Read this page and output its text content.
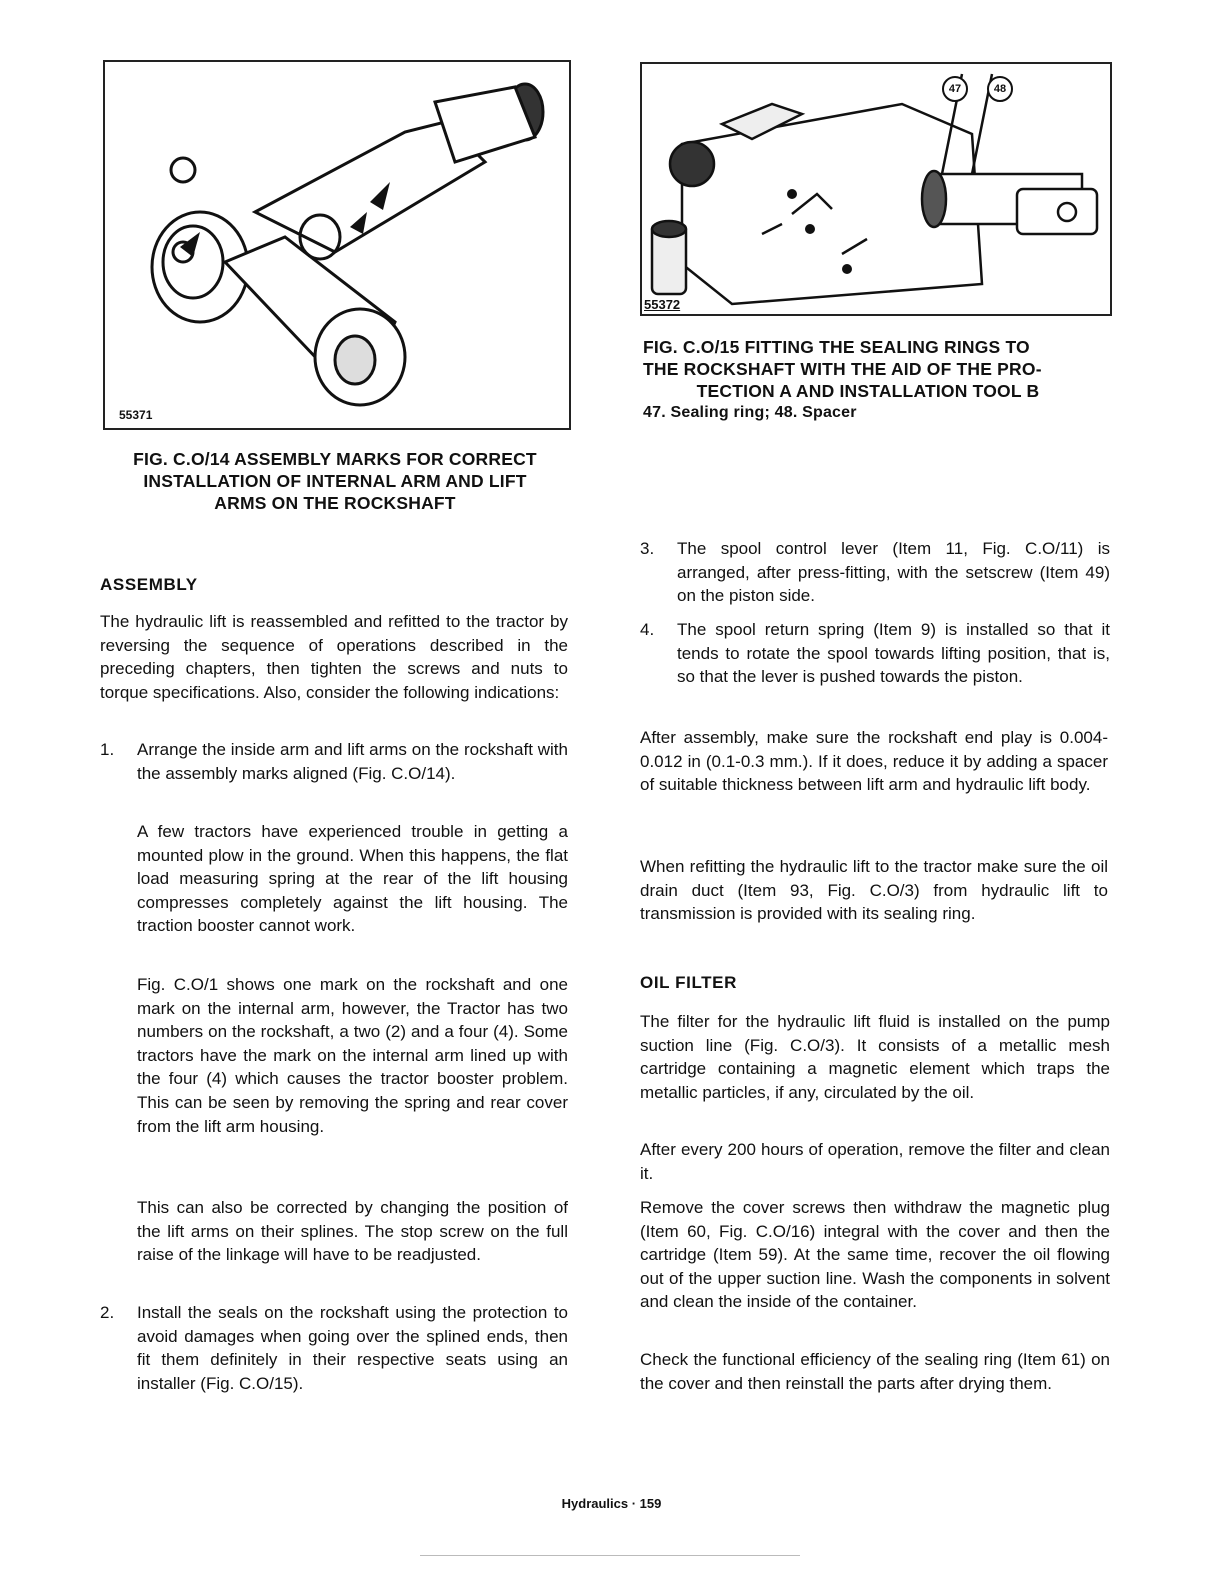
55371
FIG. C.O/14 ASSEMBLY MARKS FOR CORRECT
INSTALLATION OF INTERNAL ARM AND LIFT
ARMS ON THE ROCKSHAFT
ASSEMBLY
The hydraulic lift is reassembled and refitted to the tractor by reversing the sequence of operations described in the preceding chapters, then tighten the screws and nuts to torque specifications. Also, consider the following indications:
1. Arrange the inside arm and lift arms on the rockshaft with the assembly marks aligned (Fig. C.O/14).
A few tractors have experienced trouble in getting a mounted plow in the ground. When this happens, the flat load measuring spring at the rear of the lift housing compresses completely against the lift housing. The traction booster cannot work.
Fig. C.O/1 shows one mark on the rockshaft and one mark on the internal arm, however, the Tractor has two numbers on the rockshaft, a two (2) and a four (4). Some tractors have the mark on the internal arm lined up with the four (4) which causes the tractor booster problem. This can be seen by removing the spring and rear cover from the lift arm housing.
This can also be corrected by changing the position of the lift arms on their splines. The stop screw on the full raise of the linkage will have to be readjusted.
2. Install the seals on the rockshaft using the protection to avoid damages when going over the splined ends, then fit them definitely in their respective seats using an installer (Fig. C.O/15).
47	48
55372
FIG. C.O/15 FITTING THE SEALING RINGS TO
THE ROCKSHAFT WITH THE AID OF THE PRO-
TECTION A AND INSTALLATION TOOL B
47. Sealing ring; 48. Spacer
3. The spool control lever (Item 11, Fig. C.O/11) is arranged, after press-fitting, with the setscrew (Item 49) on the piston side.
4. The spool return spring (Item 9) is installed so that it tends to rotate the spool towards lifting position, that is, so that the lever is pushed towards the piston.
After assembly, make sure the rockshaft end play is 0.004-0.012 in (0.1-0.3 mm.). If it does, reduce it by adding a spacer of suitable thickness between lift arm and hydraulic lift body.
When refitting the hydraulic lift to the tractor make sure the oil drain duct (Item 93, Fig. C.O/3) from hydraulic lift to transmission is provided with its sealing ring.
OIL FILTER
The filter for the hydraulic lift fluid is installed on the pump suction line (Fig. C.O/3). It consists of a metallic mesh cartridge containing a magnetic element which traps the metallic particles, if any, circulated by the oil.
After every 200 hours of operation, remove the filter and clean it.
Remove the cover screws then withdraw the magnetic plug (Item 60, Fig. C.O/16) integral with the cover and then the cartridge (Item 59). At the same time, recover the oil flowing out of the upper suction line. Wash the components in solvent and clean the inside of the container.
Check the functional efficiency of the sealing ring (Item 61) on the cover and then reinstall the parts after drying them.
Hydraulics · 159
